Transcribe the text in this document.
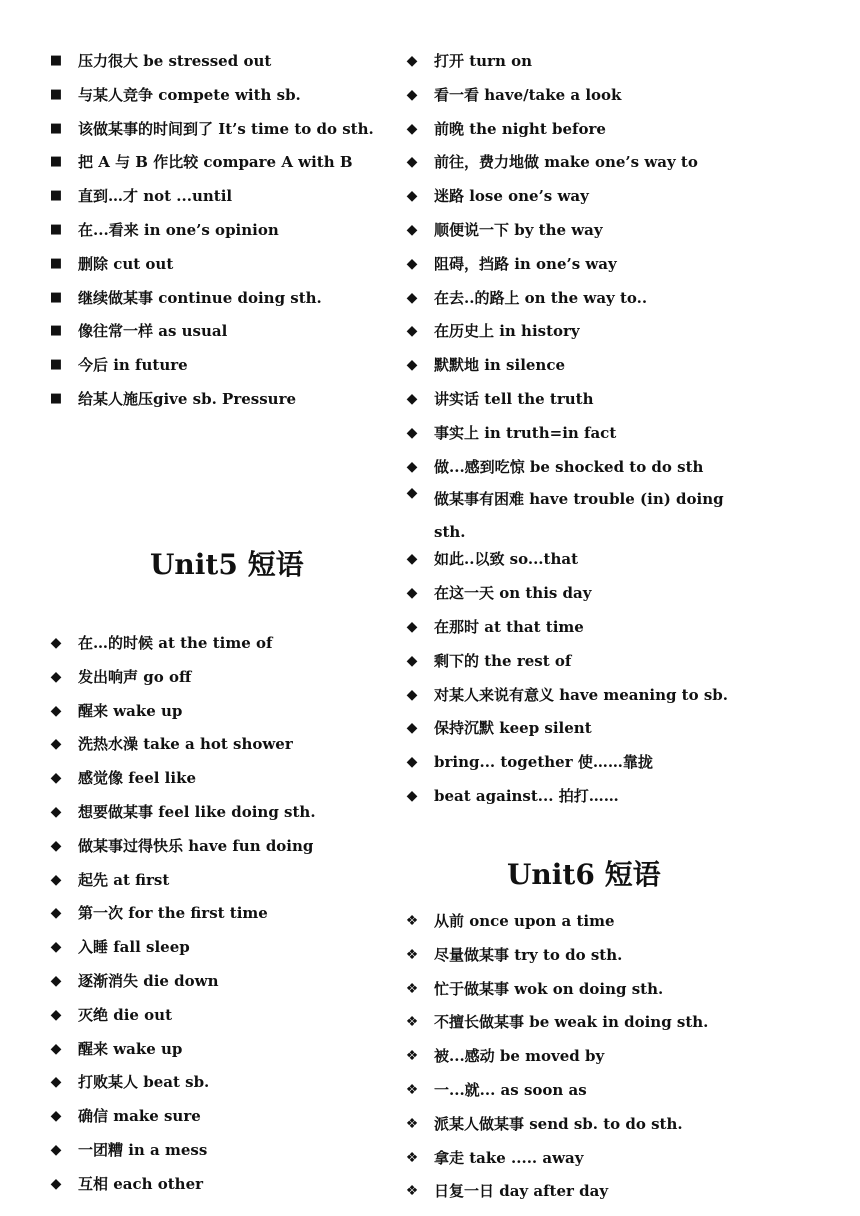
■ 压力很大 be stressed out
■ 与某人竞争 compete with sb.
■ 该做某事的时间到了 It’s time to do sth.
■ 把 A 与 B 作比较 compare A with B
■ 直到…才 not ...until
■ 在...看来 in one’s opinion
■ 删除 cut out
■ 继续做某事 continue doing sth.
■ 像往常一样 as usual
■ 今后 in future
■ 给某人施压give sb. Pressure
Unit5 短语
◆ 在…的时候 at the time of
◆ 发出响声 go off
◆ 醒来 wake up
◆ 洗热水澡 take a hot shower
◆ 感觉像 feel like
◆ 想要做某事 feel like doing sth.
◆ 做某事过得快乐 have fun doing
◆ 起先 at first
◆ 第一次 for the first time
◆ 入睡 fall sleep
◆ 逐渐消失 die down
◆ 灭绝 die out
◆ 醒来 wake up
◆ 打败某人 beat sb.
◆ 确信 make sure
◆ 一团糟 in a mess
◆ 互相 each other
◆ 打开 turn on
◆ 看一看 have/take a look
◆ 前晚 the night before
◆ 前往，费力地做 make one’s way to
◆ 迷路 lose one’s way
◆ 顺便说一下 by the way
◆ 阻碍，挡路 in one’s way
◆ 在去..的路上 on the way to..
◆ 在历史上 in history
◆ 默默地 in silence
◆ 讲实话 tell the truth
◆ 事实上 in truth=in fact
◆ 做...感到吃惊 be shocked to do sth
◆ 做某事有困难 have trouble (in) doing sth.
◆ 如此..以致 so...that
◆ 在这一天 on this day
◆ 在那时 at that time
◆ 剩下的 the rest of
◆ 对某人来说有意义 have meaning to sb.
◆ 保持沉默 keep silent
◆ bring... together 使……靠拢
◆ beat against... 拍打……
Unit6 短语
❖ 从前 once upon a time
❖ 尽量做某事 try to do sth.
❖ 忙于做某事 wok on doing sth.
❖ 不擅长做某事 be weak in doing sth.
❖ 被...感动 be moved by
❖ 一...就... as soon as
❖ 派某人做某事 send sb. to do sth.
❖ 拿走 take ..... away
❖ 日复一日 day after day
